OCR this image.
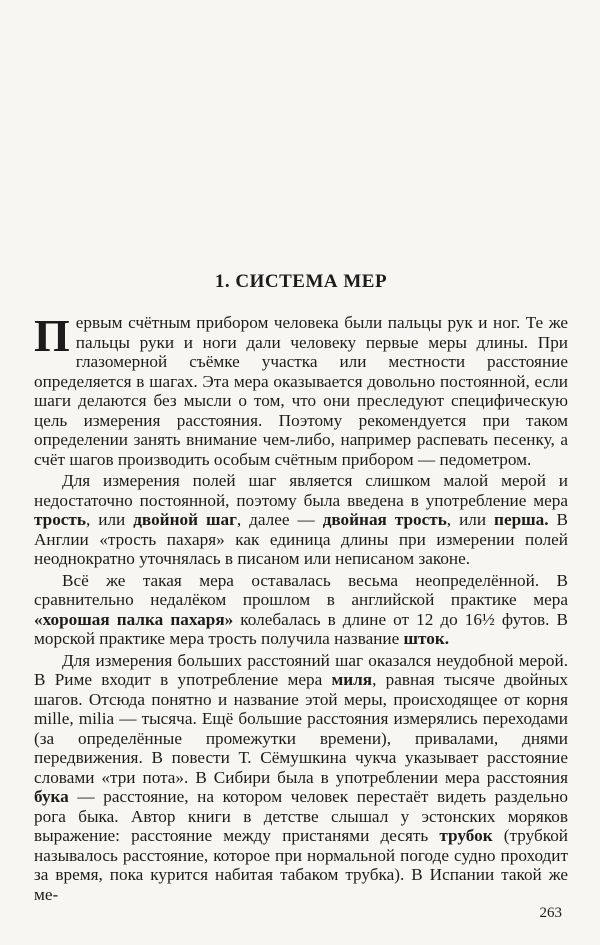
1. СИСТЕМА МЕР

Первым счётным прибором человека были пальцы рук и ног. Те же пальцы руки и ноги дали человеку первые меры длины. При глазомерной съёмке участка или местности расстояние определяется в шагах. Эта мера оказывается довольно постоянной, если шаги делаются без мысли о том, что они преследуют специфическую цель измерения расстояния. Поэтому рекомендуется при таком определении занять внимание чем-либо, например распевать песенку, а счёт шагов производить особым счётным прибором — педометром.

Для измерения полей шаг является слишком малой мерой и недостаточно постоянной, поэтому была введена в употребление мера трость, или двойной шаг, далее — двойная трость, или перша. В Англии «трость пахаря» как единица длины при измерении полей неоднократно уточнялась в писаном или неписаном законе.

Всё же такая мера оставалась весьма неопределённой. В сравнительно недалёком прошлом в английской практике мера «хорошая палка пахаря» колебалась в длине от 12 до 16½ футов. В морской практике мера трость получила название шток.

Для измерения больших расстояний шаг оказался неудобной мерой. В Риме входит в употребление мера миля, равная тысяче двойных шагов. Отсюда понятно и название этой меры, происходящее от корня mille, milia — тысяча. Ещё большие расстояния измерялись переходами (за определённые промежутки времени), привалами, днями передвижения. В повести Т. Сёмушкина чукча указывает расстояние словами «три пота». В Сибири была в употреблении мера расстояния бука — расстояние, на котором человек перестаёт видеть раздельно рога быка. Автор книги в детстве слышал у эстонских моряков выражение: расстояние между пристанями десять трубок (трубкой называлось расстояние, которое при нормальной погоде судно проходит за время, пока курится набитая табаком трубка). В Испании такой же ме-

263
